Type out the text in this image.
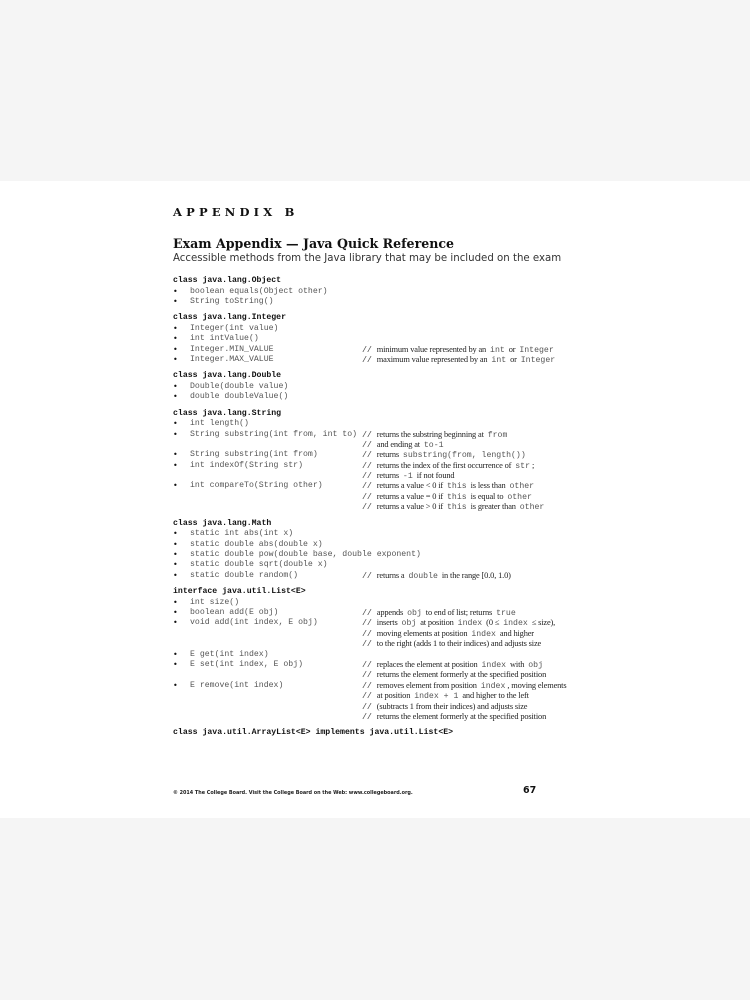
APPENDIX B
Exam Appendix — Java Quick Reference
Accessible methods from the Java library that may be included on the exam
class java.lang.Object
•	boolean equals(Object other)
•	String toString()
class java.lang.Integer
•	Integer(int value)
•	int intValue()
•	Integer.MIN_VALUE	// minimum value represented by an int or Integer
•	Integer.MAX_VALUE	// maximum value represented by an int or Integer
class java.lang.Double
•	Double(double value)
•	double doubleValue()
class java.lang.String
•	int length()
•	String substring(int from, int to) // returns the substring beginning at from
// and ending at to-1
•	String substring(int from)	// returns substring(from, length())
•	int indexOf(String str)	// returns the index of the first occurrence of str ;
// returns -1 if not found
•	int compareTo(String other)	// returns a value < 0 if this is less than other
// returns a value = 0 if this is equal to other
// returns a value > 0 if this is greater than other
class java.lang.Math
•	static int abs(int x)
•	static double abs(double x)
•	static double pow(double base, double exponent)
•	static double sqrt(double x)
•	static double random()	// returns a double in the range [0.0, 1.0)
interface java.util.List<E>
•	int size()
•	boolean add(E obj)	// appends obj to end of list; returns true
•	void add(int index, E obj)	// inserts obj at position index (0 ≤ index ≤ size),
// moving elements at position index and higher
// to the right (adds 1 to their indices) and adjusts size
•	E get(int index)
•	E set(int index, E obj)	// replaces the element at position index with obj
// returns the element formerly at the specified position
•	E remove(int index)	// removes element from position index , moving elements
// at position index + 1 and higher to the left
// (subtracts 1 from their indices) and adjusts size
// returns the element formerly at the specified position
class java.util.ArrayList<E> implements java.util.List<E>
© 2014 The College Board. Visit the College Board on the Web: www.collegeboard.org.	67
